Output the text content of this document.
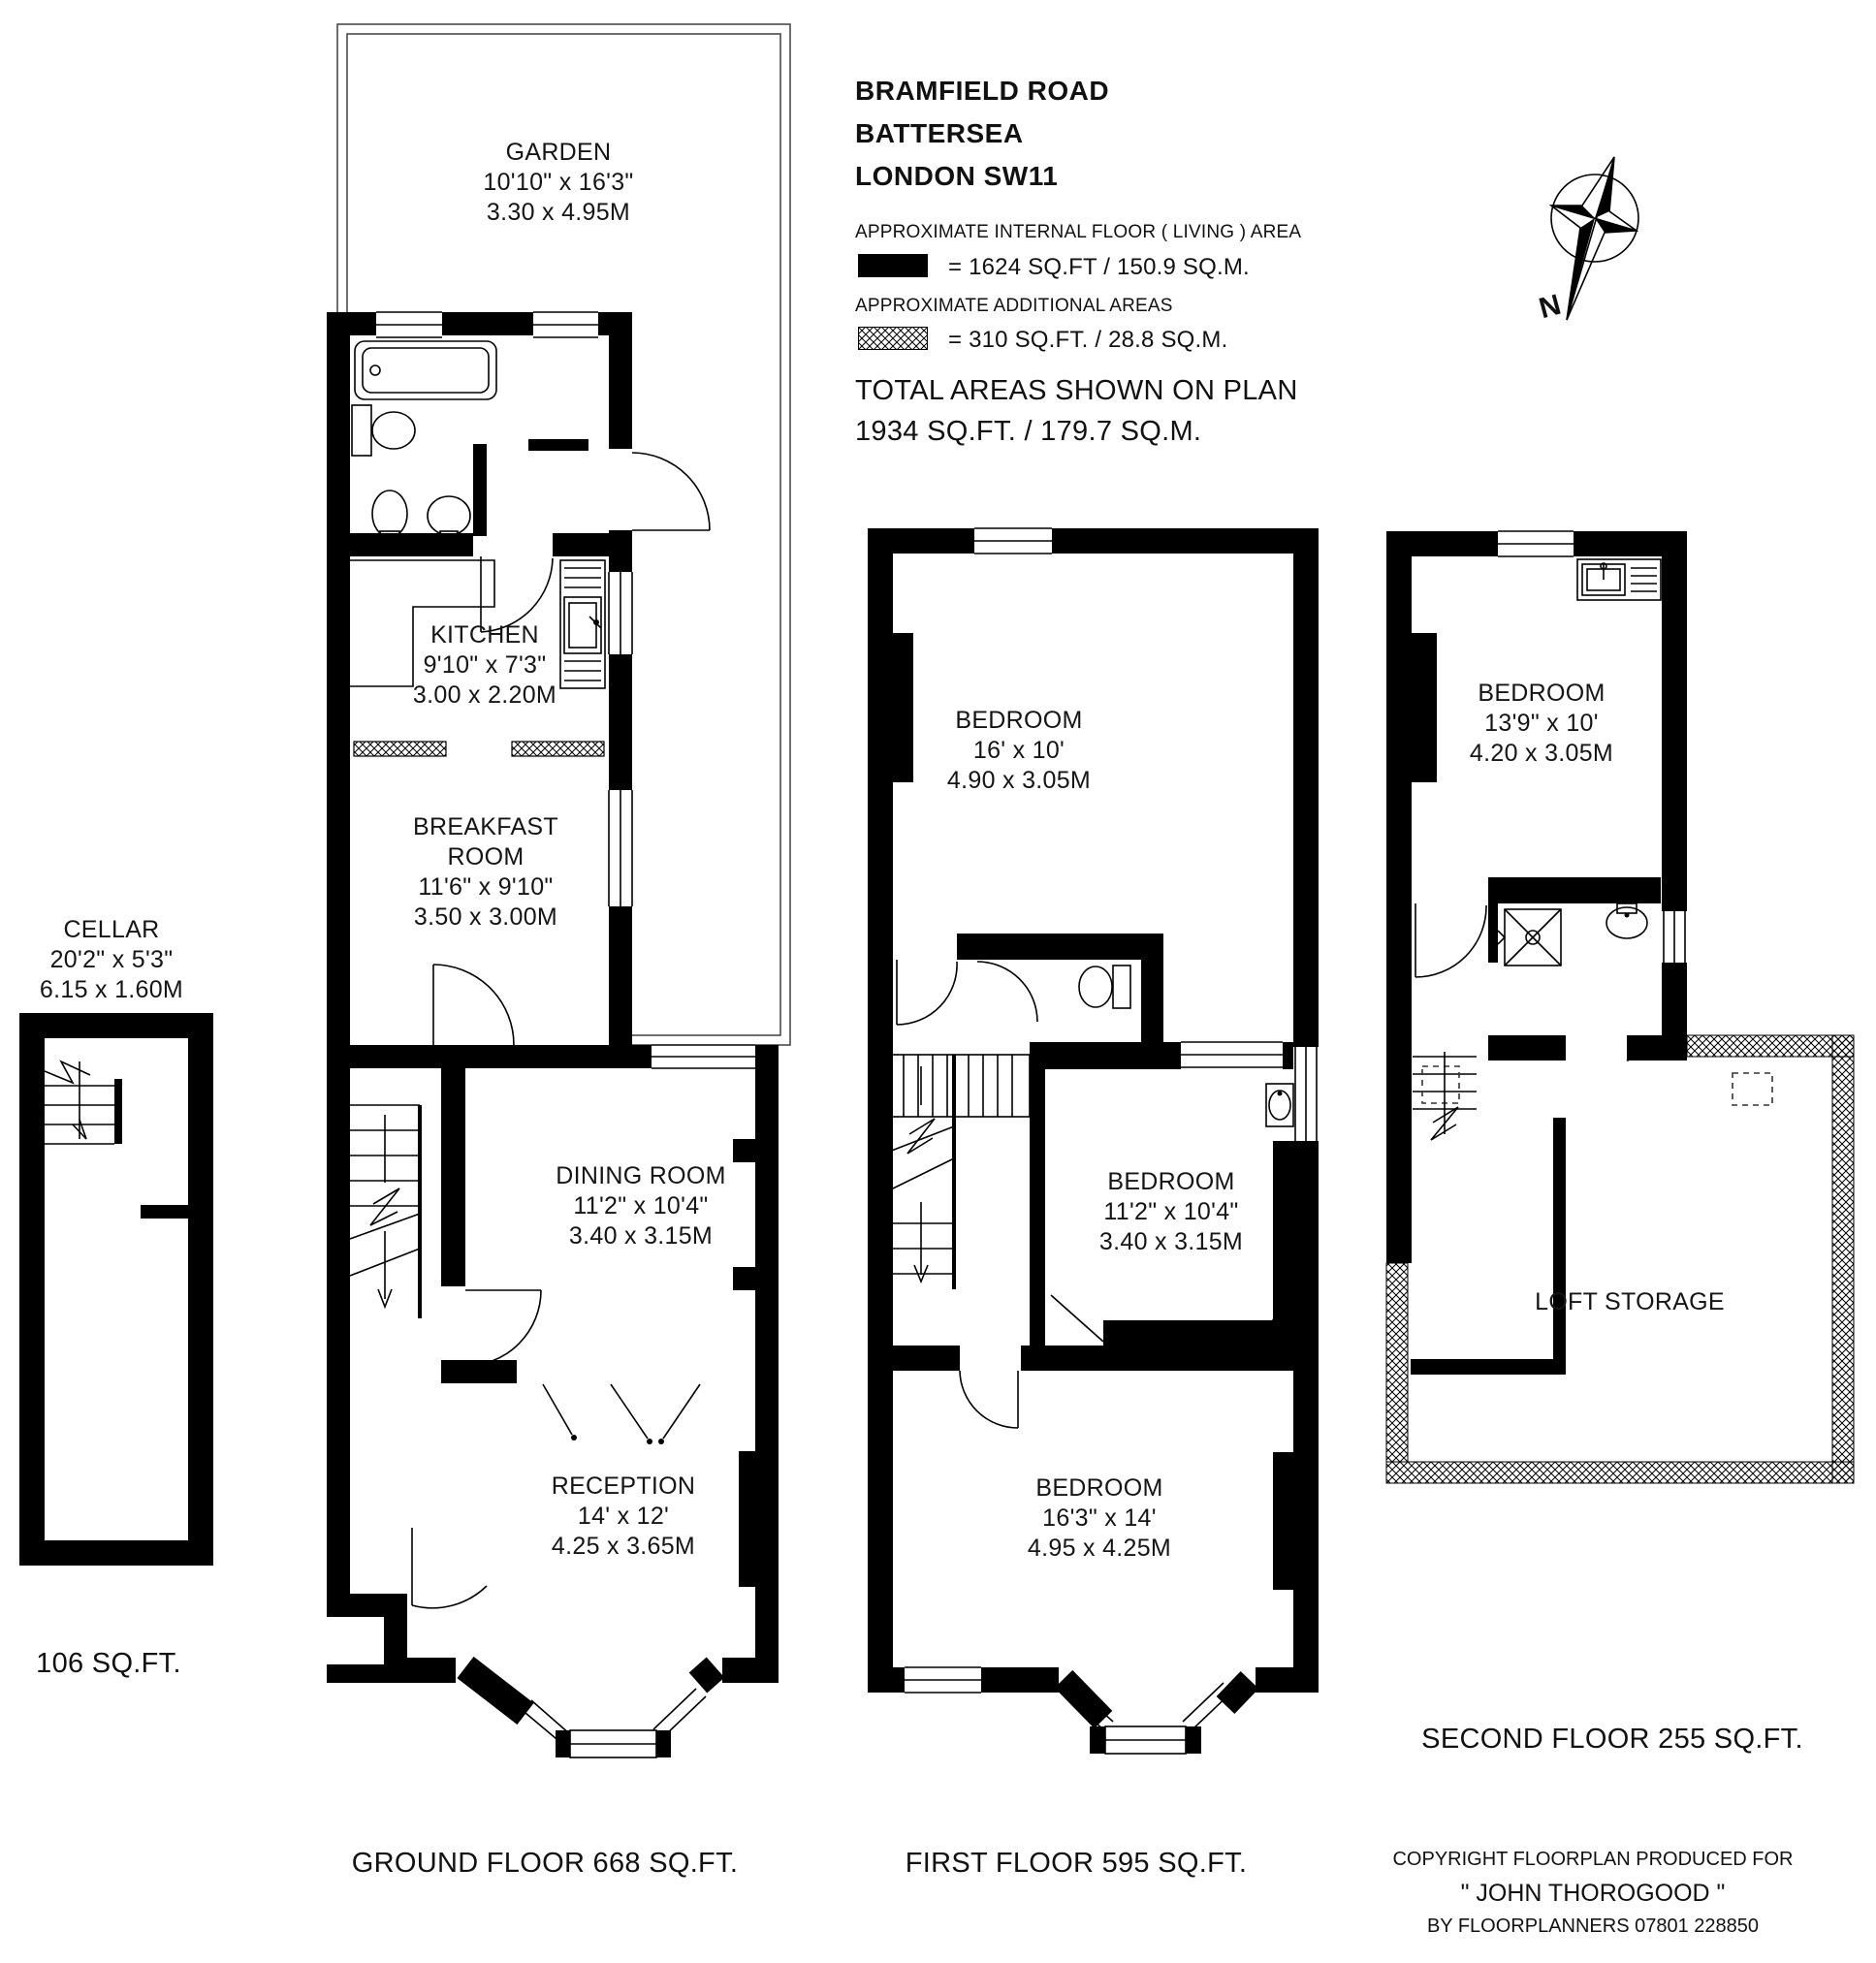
N
BRAMFIELD ROAD
BATTERSEA
LONDON SW11
APPROXIMATE INTERNAL FLOOR ( LIVING ) AREA
= 1624 SQ.FT / 150.9 SQ.M.
APPROXIMATE ADDITIONAL AREAS
= 310 SQ.FT. / 28.8 SQ.M.
TOTAL AREAS SHOWN ON PLAN
1934 SQ.FT. / 179.7 SQ.M.
GARDEN
10'10" x 16'3"
3.30 x 4.95M
KITCHEN
9'10" x 7'3"
3.00 x 2.20M
BREAKFAST
ROOM
11'6" x 9'10"
3.50 x 3.00M
DINING ROOM
11'2" x 10'4"
3.40 x 3.15M
RECEPTION
14' x 12'
4.25 x 3.65M
CELLAR
20'2" x 5'3"
6.15 x 1.60M
BEDROOM
16' x 10'
4.90 x 3.05M
BEDROOM
11'2" x 10'4"
3.40 x 3.15M
BEDROOM
16'3" x 14'
4.95 x 4.25M
BEDROOM
13'9" x 10'
4.20 x 3.05M
LOFT STORAGE
106 SQ.FT.
GROUND FLOOR 668 SQ.FT.	FIRST FLOOR 595 SQ.FT.
SECOND FLOOR 255 SQ.FT.
COPYRIGHT FLOORPLAN PRODUCED FOR
" JOHN THOROGOOD "
BY FLOORPLANNERS 07801 228850
